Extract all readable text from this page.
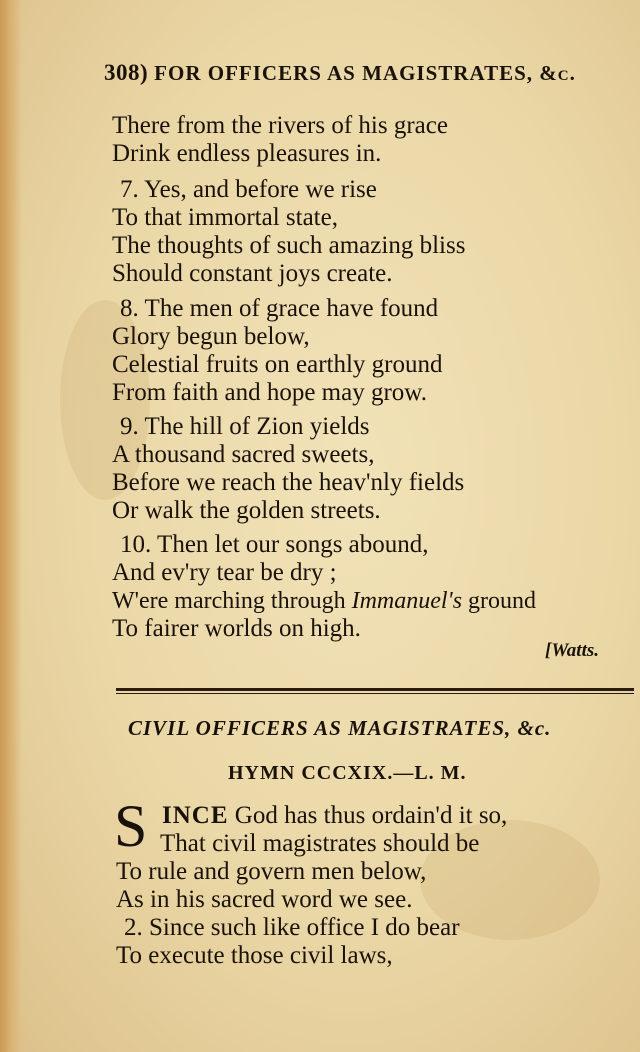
308) FOR OFFICERS AS MAGISTRATES, &c.
There from the rivers of his grace
Drink endless pleasures in.
7. Yes, and before we rise
To that immortal state,
The thoughts of such amazing bliss
Should constant joys create.
8. The men of grace have found
Glory begun below,
Celestial fruits on earthly ground
From faith and hope may grow.
9. The hill of Zion yields
A thousand sacred sweets,
Before we reach the heav'nly fields
Or walk the golden streets.
10. Then let our songs abound,
And ev'ry tear be dry ;
W'ere marching through Immanuel's ground
To fairer worlds on high.
[Watts.
CIVIL OFFICERS AS MAGISTRATES, &c.
HYMN CCCXIX.—L. M.
S INCE God has thus ordain'd it so,
That civil magistrates should be
To rule and govern men below,
As in his sacred word we see.
2. Since such like office I do bear
To execute those civil laws,
